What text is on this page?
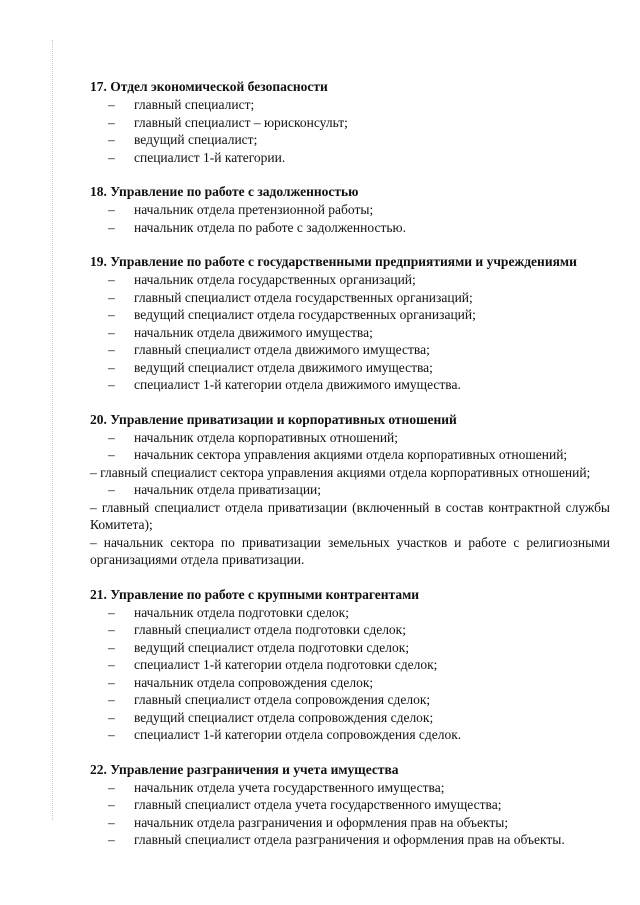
17. Отдел экономической безопасности

– главный специалист;

– главный специалист – юрисконсульт;

– ведущий специалист;

– специалист 1-й категории.

18. Управление по работе с задолженностью

– начальник отдела претензионной работы;

– начальник отдела по работе с задолженностью.

19. Управление по работе с государственными предприятиями и учреждениями

– начальник отдела государственных организаций;

– главный специалист отдела государственных организаций;

– ведущий специалист отдела государственных организаций;

– начальник отдела движимого имущества;

– главный специалист отдела движимого имущества;

– ведущий специалист отдела движимого имущества;

– специалист 1-й категории отдела движимого имущества.

20. Управление приватизации и корпоративных отношений

– начальник отдела корпоративных отношений;

– начальник сектора управления акциями отдела корпоративных отношений;

– главный специалист сектора управления акциями отдела корпоративных отношений;

– начальник отдела приватизации;

– главный специалист отдела приватизации (включенный в состав контрактной службы Комитета);

– начальник сектора по приватизации земельных участков и работе с религиозными организациями отдела приватизации.

21. Управление по работе с крупными контрагентами

– начальник отдела подготовки сделок;

– главный специалист отдела подготовки сделок;

– ведущий специалист отдела подготовки сделок;

– специалист 1-й категории отдела подготовки сделок;

– начальник отдела сопровождения сделок;

– главный специалист отдела сопровождения сделок;

– ведущий специалист отдела сопровождения сделок;

– специалист 1-й категории отдела сопровождения сделок.

22. Управление разграничения и учета имущества

– начальник отдела учета государственного имущества;

– главный специалист отдела учета государственного имущества;

– начальник отдела разграничения и оформления прав на объекты;

– главный специалист отдела разграничения и оформления прав на объекты.
